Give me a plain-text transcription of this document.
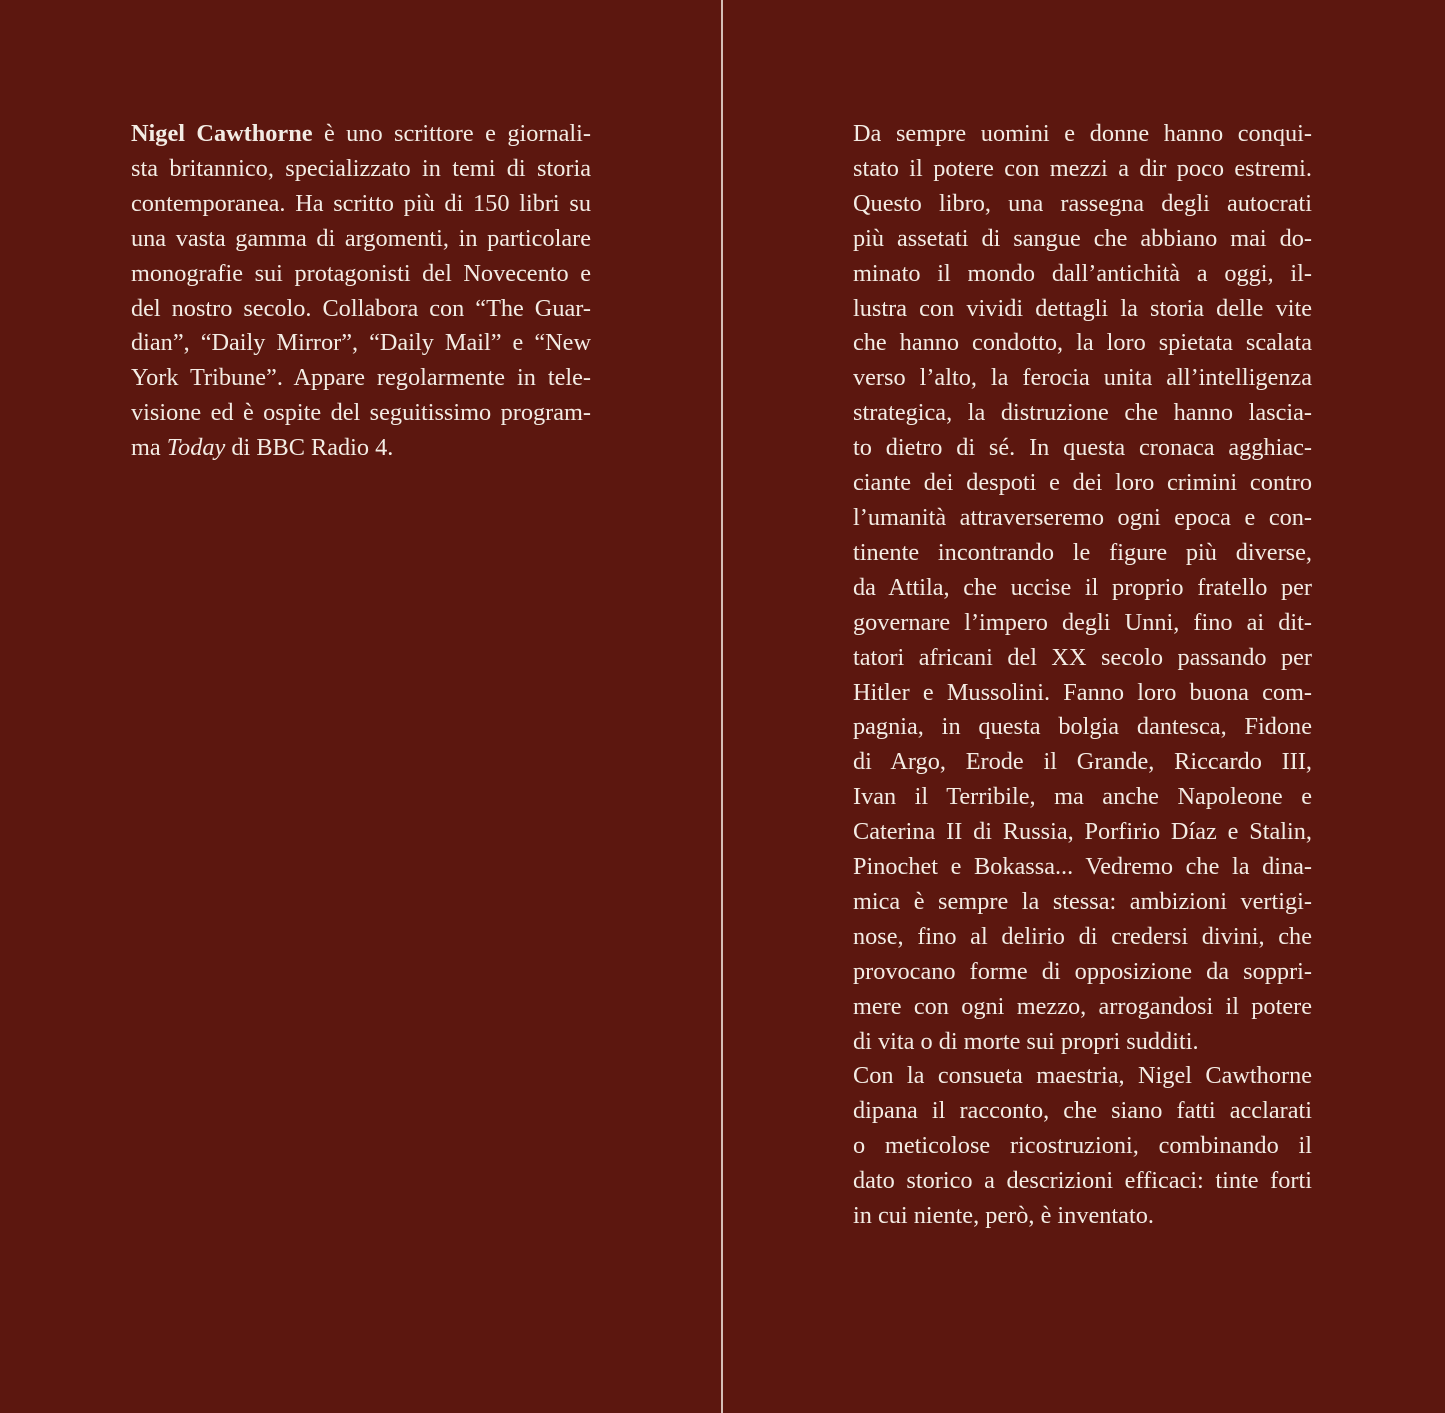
Nigel Cawthorne è uno scrittore e giornali-
sta britannico, specializzato in temi di storia
contemporanea. Ha scritto più di 150 libri su
una vasta gamma di argomenti, in particolare
monografie sui protagonisti del Novecento e
del nostro secolo. Collabora con “The Guar-
dian”, “Daily Mirror”, “Daily Mail” e “New
York Tribune”. Appare regolarmente in tele-
visione ed è ospite del seguitissimo program-
ma Today di BBC Radio 4.
Da sempre uomini e donne hanno conqui-
stato il potere con mezzi a dir poco estremi.
Questo libro, una rassegna degli autocrati
più assetati di sangue che abbiano mai do-
minato il mondo dall’antichità a oggi, il-
lustra con vividi dettagli la storia delle vite
che hanno condotto, la loro spietata scalata
verso l’alto, la ferocia unita all’intelligenza
strategica, la distruzione che hanno lascia-
to dietro di sé. In questa cronaca agghiac-
ciante dei despoti e dei loro crimini contro
l’umanità attraverseremo ogni epoca e con-
tinente incontrando le figure più diverse,
da Attila, che uccise il proprio fratello per
governare l’impero degli Unni, fino ai dit-
tatori africani del XX secolo passando per
Hitler e Mussolini. Fanno loro buona com-
pagnia, in questa bolgia dantesca, Fidone
di Argo, Erode il Grande, Riccardo III,
Ivan il Terribile, ma anche Napoleone e
Caterina II di Russia, Porfirio Díaz e Stalin,
Pinochet e Bokassa... Vedremo che la dina-
mica è sempre la stessa: ambizioni vertigi-
nose, fino al delirio di credersi divini, che
provocano forme di opposizione da soppri-
mere con ogni mezzo, arrogandosi il potere
di vita o di morte sui propri sudditi.
Con la consueta maestria, Nigel Cawthorne
dipana il racconto, che siano fatti acclarati
o meticolose ricostruzioni, combinando il
dato storico a descrizioni efficaci: tinte forti
in cui niente, però, è inventato.
